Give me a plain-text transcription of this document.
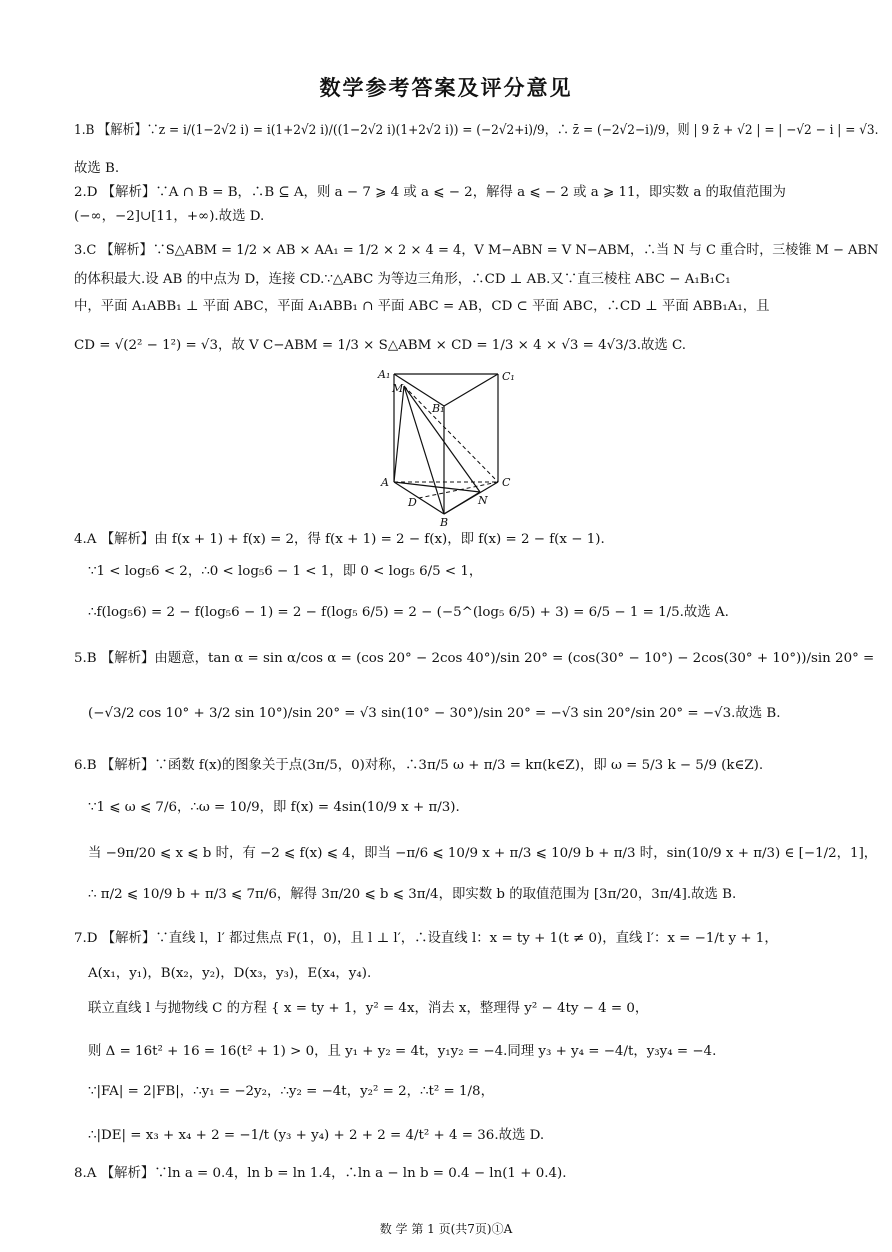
数学参考答案及评分意见
1.B 【解析】∵z = i/(1−2√2 i) = i(1+2√2 i)/((1−2√2 i)(1+2√2 i)) = (−2√2+i)/9，∴ z̄ = (−2√2−i)/9，则 | 9 z̄ + √2 | = | −√2 − i | = √3.
故选 B.
2.D 【解析】∵A ∩ B = B，∴B ⊆ A，则 a − 7 ⩾ 4 或 a ⩽ − 2，解得 a ⩽ − 2 或 a ⩾ 11，即实数 a 的取值范围为
(−∞，−2]∪[11，+∞).故选 D.
3.C 【解析】∵S△ABM = 1/2 × AB × AA₁ = 1/2 × 2 × 4 = 4，V M−ABN = V N−ABM，∴当 N 与 C 重合时，三棱锥 M − ABN
的体积最大.设 AB 的中点为 D，连接 CD.∵△ABC 为等边三角形，∴CD ⊥ AB.又∵直三棱柱 ABC − A₁B₁C₁
中，平面 A₁ABB₁ ⊥ 平面 ABC，平面 A₁ABB₁ ∩ 平面 ABC = AB，CD ⊂ 平面 ABC，∴CD ⊥ 平面 ABB₁A₁，且
CD = √(2² − 1²) = √3，故 V C−ABM = 1/3 × S△ABM × CD = 1/3 × 4 × √3 = 4√3/3.故选 C.
A₁	C₁
M
B₁
A	C
D	N
B
4.A 【解析】由 f(x + 1) + f(x) = 2，得 f(x + 1) = 2 − f(x)，即 f(x) = 2 − f(x − 1).
∵1 < log₅6 < 2，∴0 < log₅6 − 1 < 1，即 0 < log₅ 6/5 < 1，
∴f(log₅6) = 2 − f(log₅6 − 1) = 2 − f(log₅ 6/5) = 2 − (−5^(log₅ 6/5) + 3) = 6/5 − 1 = 1/5.故选 A.
5.B 【解析】由题意，tan α = sin α/cos α = (cos 20° − 2cos 40°)/sin 20° = (cos(30° − 10°) − 2cos(30° + 10°))/sin 20° =
(−√3/2 cos 10° + 3/2 sin 10°)/sin 20° = √3 sin(10° − 30°)/sin 20° = −√3 sin 20°/sin 20° = −√3.故选 B.
6.B 【解析】∵函数 f(x)的图象关于点(3π/5，0)对称，∴3π/5 ω + π/3 = kπ(k∈Z)，即 ω = 5/3 k − 5/9 (k∈Z).
∵1 ⩽ ω ⩽ 7/6，∴ω = 10/9，即 f(x) = 4sin(10/9 x + π/3).
当 −9π/20 ⩽ x ⩽ b 时，有 −2 ⩽ f(x) ⩽ 4，即当 −π/6 ⩽ 10/9 x + π/3 ⩽ 10/9 b + π/3 时，sin(10/9 x + π/3) ∈ [−1/2，1]，
∴ π/2 ⩽ 10/9 b + π/3 ⩽ 7π/6，解得 3π/20 ⩽ b ⩽ 3π/4，即实数 b 的取值范围为 [3π/20，3π/4].故选 B.
7.D 【解析】∵直线 l，l′ 都过焦点 F(1，0)，且 l ⊥ l′，∴设直线 l：x = ty + 1(t ≠ 0)，直线 l′：x = −1/t y + 1，
A(x₁，y₁)，B(x₂，y₂)，D(x₃，y₃)，E(x₄，y₄).
联立直线 l 与抛物线 C 的方程 { x = ty + 1，y² = 4x，消去 x，整理得 y² − 4ty − 4 = 0，
则 Δ = 16t² + 16 = 16(t² + 1) > 0，且 y₁ + y₂ = 4t，y₁y₂ = −4.同理 y₃ + y₄ = −4/t，y₃y₄ = −4.
∵|FA| = 2|FB|，∴y₁ = −2y₂，∴y₂ = −4t，y₂² = 2，∴t² = 1/8，
∴|DE| = x₃ + x₄ + 2 = −1/t (y₃ + y₄) + 2 + 2 = 4/t² + 4 = 36.故选 D.
8.A 【解析】∵ln a = 0.4，ln b = ln 1.4，∴ln a − ln b = 0.4 − ln(1 + 0.4).
数 学 第 1 页(共7页)①A
